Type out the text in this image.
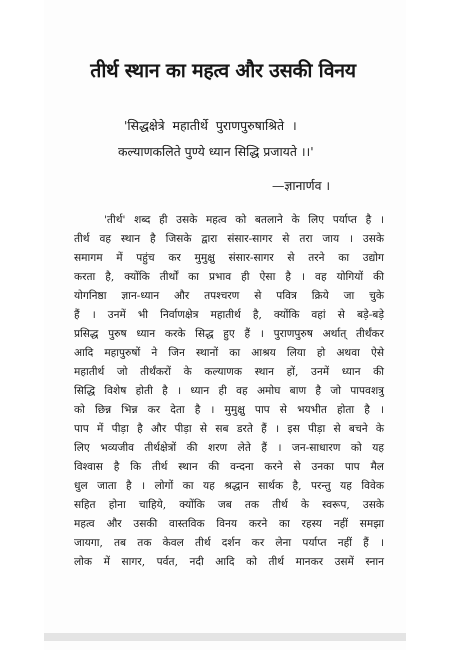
तीर्थ स्थान का महत्व और उसकी विनय
'सिद्धक्षेत्रे महातीर्थे पुराणपुरुषाश्रिते ।
कल्याणकलिते पुण्ये ध्यान सिद्धि प्रजायते ।।'
—ज्ञानार्णव ।
'तीर्थ' शब्द ही उसके महत्व को बतलाने के लिए पर्याप्त है ।
तीर्थ वह स्थान है जिसके द्वारा संसार-सागर से तरा जाय । उसके
समागम में पहुंच कर मुमुक्षु संसार-सागर से तरने का उद्योग
करता है, क्योंकि तीर्थों का प्रभाव ही ऐसा है । वह योगियों की
योगनिष्ठा ज्ञान-ध्यान और तपश्चरण से पवित्र क्रिये जा चुके
हैं । उनमें भी निर्वाणक्षेत्र महातीर्थ है, क्योंकि वहां से बड़े-बड़े
प्रसिद्ध पुरुष ध्यान करके सिद्ध हुए हैं । पुराणपुरुष अर्थात् तीर्थंकर
आदि महापुरुषों ने जिन स्थानों का आश्रय लिया हो अथवा ऐसे
महातीर्थ जो तीर्थंकरों के कल्याणक स्थान हों, उनमें ध्यान की
सिद्धि विशेष होती है । ध्यान ही वह अमोघ बाण है जो पापवशत्रु
को छिन्न भिन्न कर देता है । मुमुक्षु पाप से भयभीत होता है ।
पाप में पीड़ा है और पीड़ा से सब डरते हैं । इस पीड़ा से बचने के
लिए भव्यजीव तीर्थक्षेत्रों की शरण लेते हैं । जन-साधारण को यह
विश्वास है कि तीर्थ स्थान की वन्दना करने से उनका पाप मैल
धुल जाता है । लोगों का यह श्रद्धान सार्थक है, परन्तु यह विवेक
सहित होना चाहिये, क्योंकि जब तक तीर्थ के स्वरूप, उसके
महत्व और उसकी वास्तविक विनय करने का रहस्य नहीं समझा
जायगा, तब तक केवल तीर्थ दर्शन कर लेना पर्याप्त नहीं हैं ।
लोक में सागर, पर्वत, नदी आदि को तीर्थ मानकर उसमें स्नान
